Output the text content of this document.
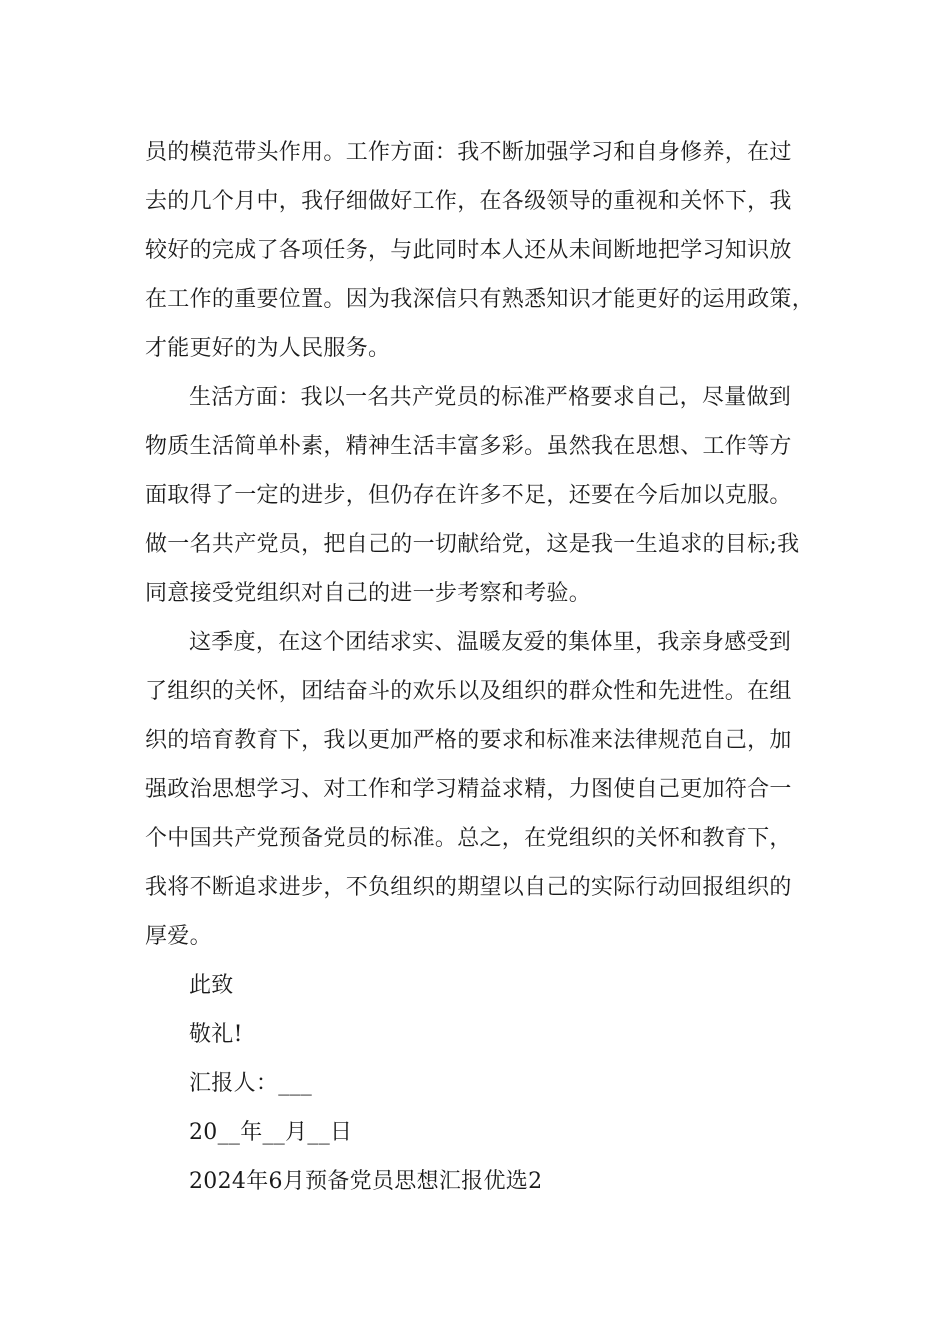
员的模范带头作用。工作方面：我不断加强学习和自身修养，在过
去的几个月中，我仔细做好工作，在各级领导的重视和关怀下，我
较好的完成了各项任务，与此同时本人还从未间断地把学习知识放
在工作的重要位置。因为我深信只有熟悉知识才能更好的运用政策，
才能更好的为人民服务。

生活方面：我以一名共产党员的标准严格要求自己，尽量做到
物质生活简单朴素，精神生活丰富多彩。虽然我在思想、工作等方
面取得了一定的进步，但仍存在许多不足，还要在今后加以克服。
做一名共产党员，把自己的一切献给党，这是我一生追求的目标;我
同意接受党组织对自己的进一步考察和考验。

这季度，在这个团结求实、温暖友爱的集体里，我亲身感受到
了组织的关怀，团结奋斗的欢乐以及组织的群众性和先进性。在组
织的培育教育下，我以更加严格的要求和标准来法律规范自己，加
强政治思想学习、对工作和学习精益求精，力图使自己更加符合一
个中国共产党预备党员的标准。总之，在党组织的关怀和教育下，
我将不断追求进步，不负组织的期望以自己的实际行动回报组织的
厚爱。

此致

敬礼!

汇报人：___

20__年__月__日

2024年6月预备党员思想汇报优选2
